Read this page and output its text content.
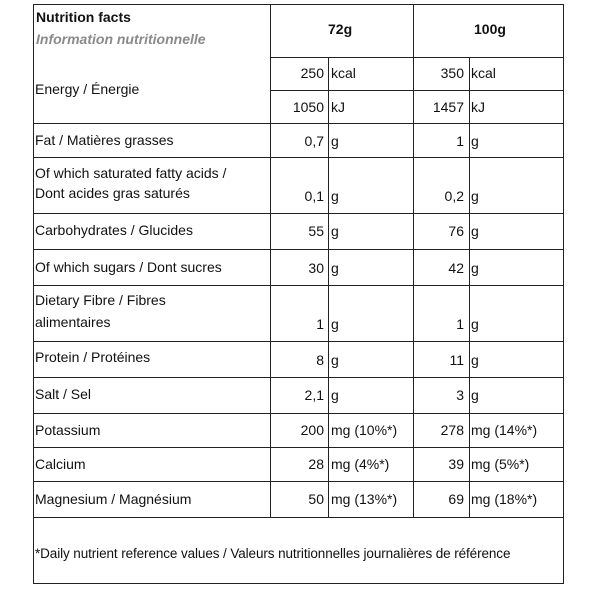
Nutrition facts
Information nutritionnelle
72g	100g
Energy / Énergie
250 kcal	350 kcal
1050 kJ	1457 kJ
Fat / Matières grasses	0,7 g	1 g
Of which saturated fatty acids /
Dont acides gras saturés	0,1 g	0,2 g
Carbohydrates / Glucides	55 g	76 g
Of which sugars / Dont sucres	30 g	42 g
Dietary Fibre / Fibres
alimentaires	1 g	1 g
Protein / Protéines	8 g	11 g
Salt / Sel	2,1 g	3 g
Potassium	200 mg (10%*)	278 mg (14%*)
Calcium	28 mg (4%*)	39 mg (5%*)
Magnesium / Magnésium	50 mg (13%*)	69 mg (18%*)
*Daily nutrient reference values / Valeurs nutritionnelles journalières de référence
